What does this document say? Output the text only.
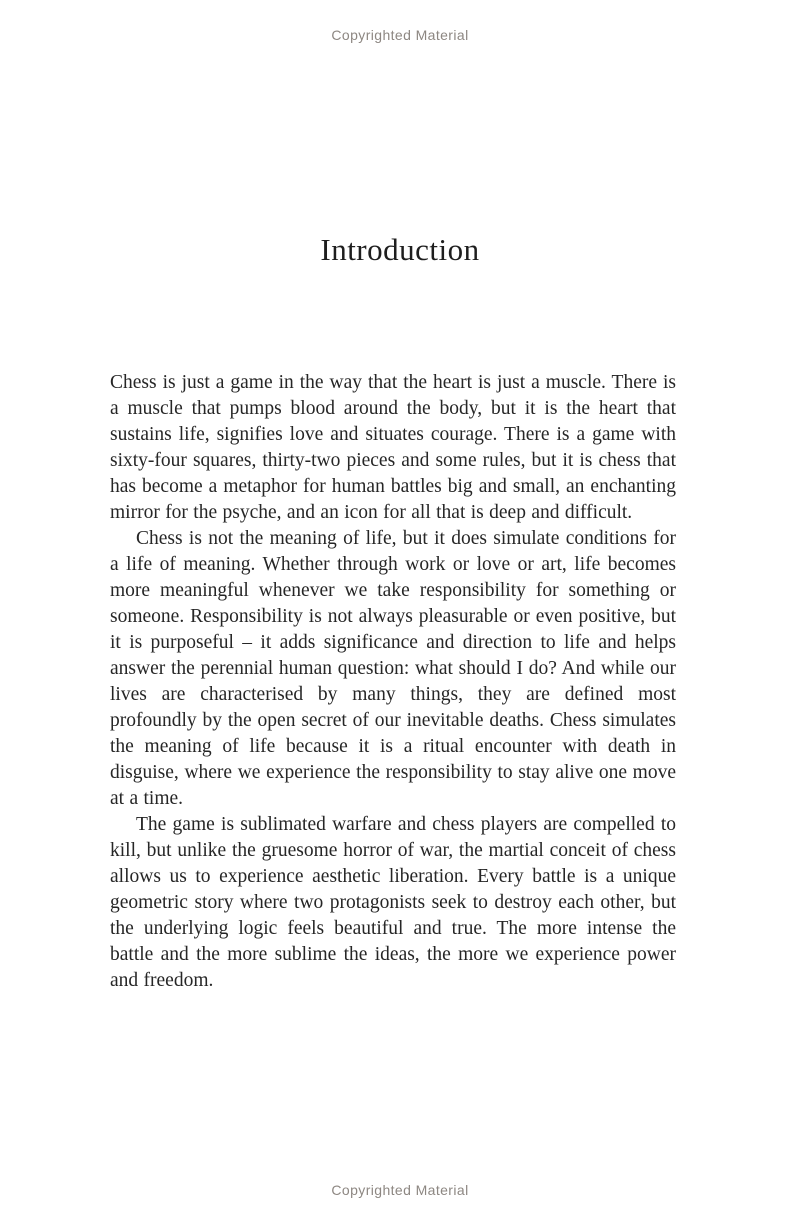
Copyrighted Material
Introduction

Chess is just a game in the way that the heart is just a muscle. There is a muscle that pumps blood around the body, but it is the heart that sustains life, signifies love and situates courage. There is a game with sixty-four squares, thirty-two pieces and some rules, but it is chess that has become a metaphor for human battles big and small, an enchanting mirror for the psyche, and an icon for all that is deep and difficult.

Chess is not the meaning of life, but it does simulate conditions for a life of meaning. Whether through work or love or art, life becomes more meaningful whenever we take responsibility for something or someone. Responsibility is not always pleasurable or even positive, but it is purposeful – it adds significance and direction to life and helps answer the perennial human question: what should I do? And while our lives are characterised by many things, they are defined most profoundly by the open secret of our inevitable deaths. Chess simulates the meaning of life because it is a ritual encounter with death in disguise, where we experience the responsibility to stay alive one move at a time.

The game is sublimated warfare and chess players are compelled to kill, but unlike the gruesome horror of war, the martial conceit of chess allows us to experience aesthetic liberation. Every battle is a unique geometric story where two protagonists seek to destroy each other, but the underlying logic feels beautiful and true. The more intense the battle and the more sublime the ideas, the more we experience power and freedom.

Copyrighted Material
